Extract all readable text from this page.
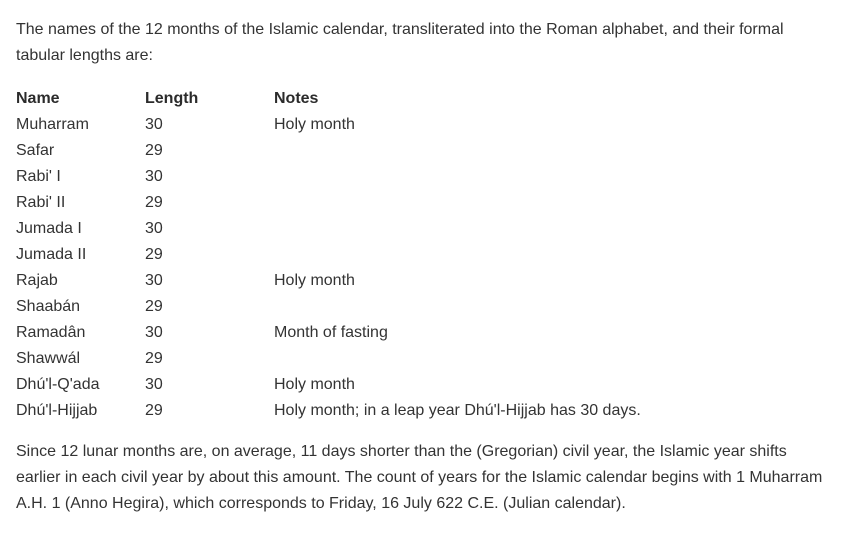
The names of the 12 months of the Islamic calendar, transliterated into the Roman alphabet, and their formal tabular lengths are:

Name	Length	Notes
Muharram	30	Holy month
Safar	29	
Rabi' I	30	
Rabi' II	29	
Jumada I	30	
Jumada II	29	
Rajab	30	Holy month
Shaabán	29	
Ramadân	30	Month of fasting
Shawwál	29	
Dhú'l-Q'ada	30	Holy month
Dhú'l-Hijjab	29	Holy month; in a leap year Dhú'l-Hijjab has 30 days.

Since 12 lunar months are, on average, 11 days shorter than the (Gregorian) civil year, the Islamic year shifts earlier in each civil year by about this amount. The count of years for the Islamic calendar begins with 1 Muharram A.H. 1 (Anno Hegira), which corresponds to Friday, 16 July 622 C.E. (Julian calendar).
